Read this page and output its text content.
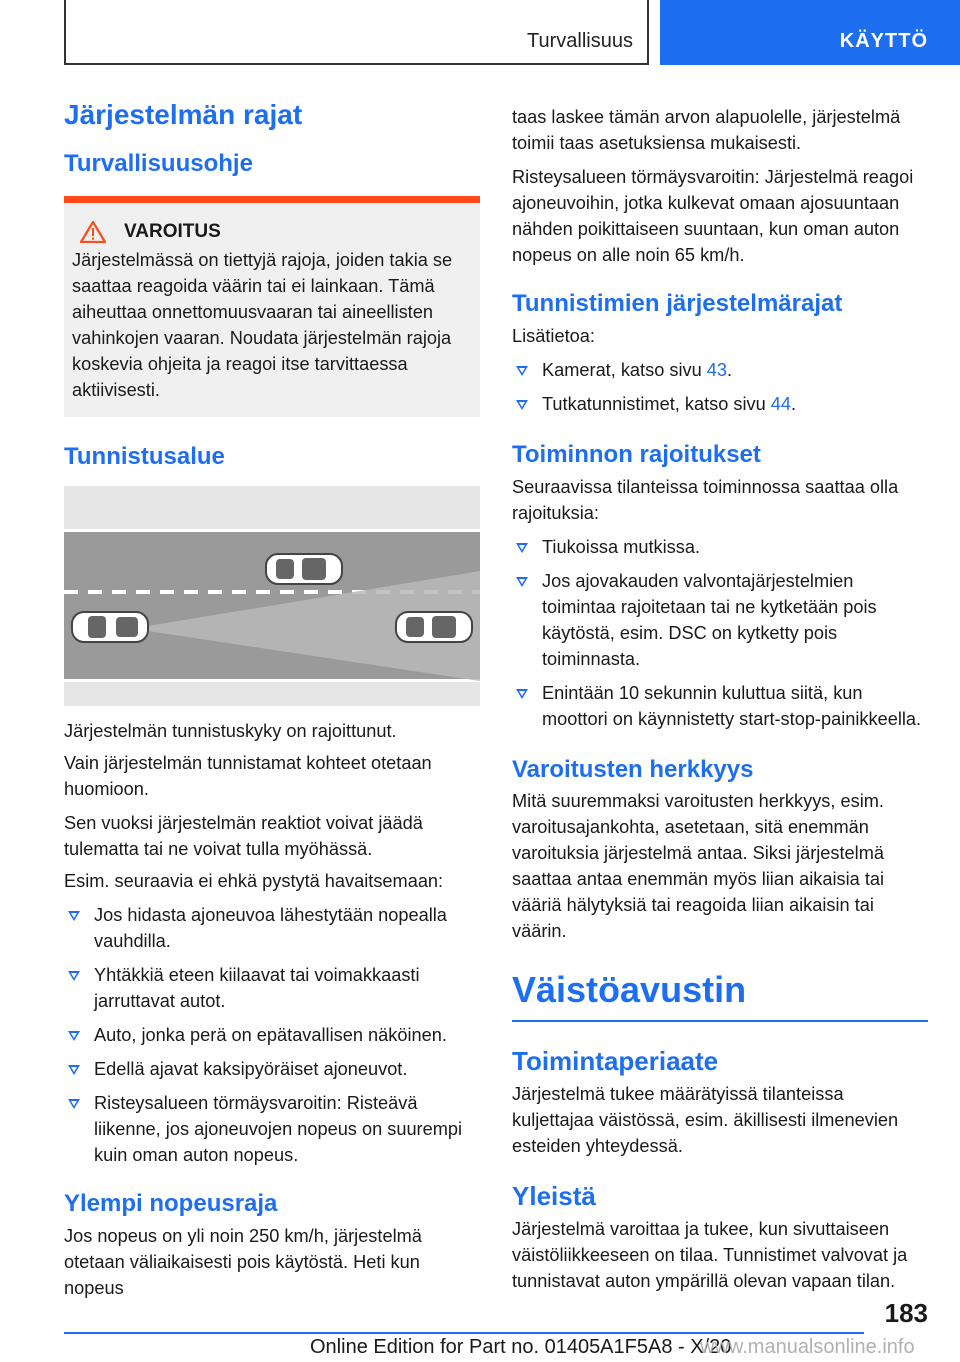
Turvallisuus	KÄYTTÖ
Järjestelmän rajat
Turvallisuusohje
VAROITUS

Järjestelmässä on tiettyjä rajoja, joiden takia se saattaa reagoida väärin tai ei lainkaan. Tämä aiheuttaa onnettomuusvaaran tai aineellisten vahinkojen vaaran. Noudata järjestelmän rajoja koskevia ohjeita ja reagoi itse tarvittaessa aktiivisesti.

Tunnistusalue

Järjestelmän tunnistuskyky on rajoittunut.

Vain järjestelmän tunnistamat kohteet otetaan huomioon.

Sen vuoksi järjestelmän reaktiot voivat jäädä tulematta tai ne voivat tulla myöhässä.

Esim. seuraavia ei ehkä pystytä havaitsemaan:

Jos hidasta ajoneuvoa lähestytään nopealla vauhdilla.
Yhtäkkiä eteen kiilaavat tai voimakkaasti jarruttavat autot.
Auto, jonka perä on epätavallisen näköinen.
Edellä ajavat kaksipyöräiset ajoneuvot.
Risteysalueen törmäysvaroitin: Risteävä liikenne, jos ajoneuvojen nopeus on suurempi kuin oman auton nopeus.
Ylempi nopeusraja

Jos nopeus on yli noin 250 km/h, järjestelmä otetaan väliaikaisesti pois käytöstä. Heti kun nopeus

taas laskee tämän arvon alapuolelle, järjestelmä toimii taas asetuksiensa mukaisesti.

Risteysalueen törmäysvaroitin: Järjestelmä reagoi ajoneuvoihin, jotka kulkevat omaan ajosuuntaan nähden poikittaiseen suuntaan, kun oman auton nopeus on alle noin 65 km/h.

Tunnistimien järjestelmärajat

Lisätietoa:

Kamerat, katso sivu 43.
Tutkatunnistimet, katso sivu 44.
Toiminnon rajoitukset

Seuraavissa tilanteissa toiminnossa saattaa olla rajoituksia:

Tiukoissa mutkissa.
Jos ajovakauden valvontajärjestelmien toimintaa rajoitetaan tai ne kytketään pois käytöstä, esim. DSC on kytketty pois toiminnasta.
Enintään 10 sekunnin kuluttua siitä, kun moottori on käynnistetty start-stop-painikkeella.
Varoitusten herkkyys

Mitä suuremmaksi varoitusten herkkyys, esim. varoitusajankohta, asetetaan, sitä enemmän varoituksia järjestelmä antaa. Siksi järjestelmä saattaa antaa enemmän myös liian aikaisia tai vääriä hälytyksiä tai reagoida liian aikaisin tai väärin.

Väistöavustin
Toimintaperiaate

Järjestelmä tukee määrätyissä tilanteissa kuljettajaa väistössä, esim. äkillisesti ilmenevien esteiden yhteydessä.

Yleistä

Järjestelmä varoittaa ja tukee, kun sivuttaiseen väistöliikkeeseen on tilaa. Tunnistimet valvovat ja tunnistavat auton ympärillä olevan vapaan tilan.

183
Online Edition for Part no. 01405A1F5A8 - X/20
www.manualsonline.info
